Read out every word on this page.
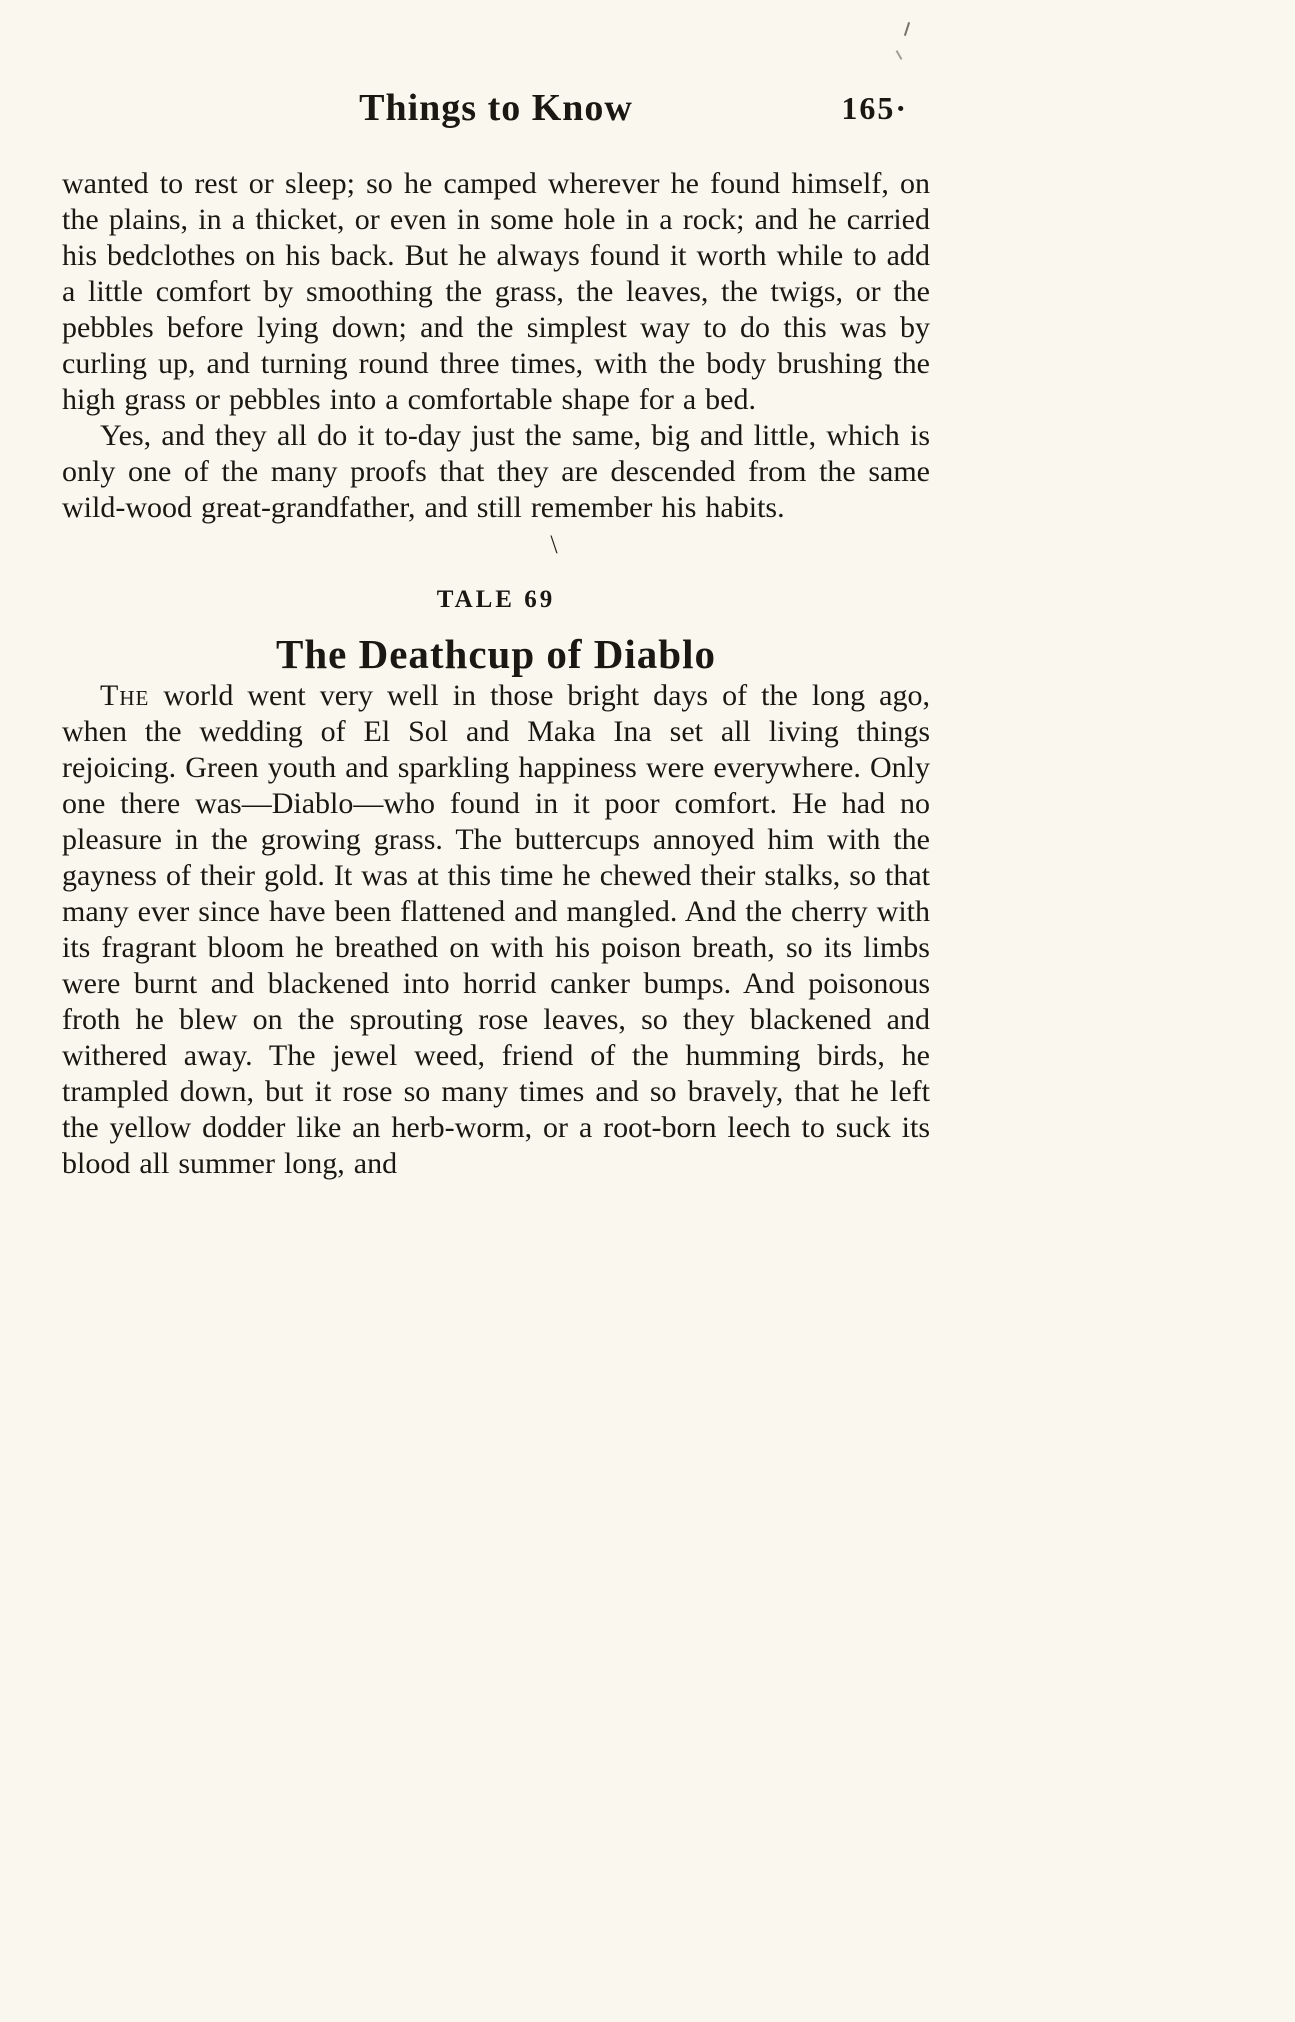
Things to Know	165·

wanted to rest or sleep; so he camped wherever he found himself, on the plains, in a thicket, or even in some hole in a rock; and he carried his bedclothes on his back. But he always found it worth while to add a little comfort by smoothing the grass, the leaves, the twigs, or the pebbles before lying down; and the simplest way to do this was by curling up, and turning round three times, with the body brushing the high grass or pebbles into a comfortable shape for a bed.

Yes, and they all do it to-day just the same, big and little, which is only one of the many proofs that they are descended from the same wild-wood great-grandfather, and still remember his habits.

\
TALE 69
The Deathcup of Diablo

The world went very well in those bright days of the long ago, when the wedding of El Sol and Maka Ina set all living things rejoicing. Green youth and sparkling happiness were everywhere. Only one there was—Diablo—who found in it poor comfort. He had no pleasure in the growing grass. The buttercups annoyed him with the gayness of their gold. It was at this time he chewed their stalks, so that many ever since have been flattened and mangled. And the cherry with its fragrant bloom he breathed on with his poison breath, so its limbs were burnt and blackened into horrid canker bumps. And poisonous froth he blew on the sprouting rose leaves, so they blackened and withered away. The jewel weed, friend of the humming birds, he trampled down, but it rose so many times and so bravely, that he left the yellow dodder like an herb-worm, or a root-born leech to suck its blood all summer long, and
